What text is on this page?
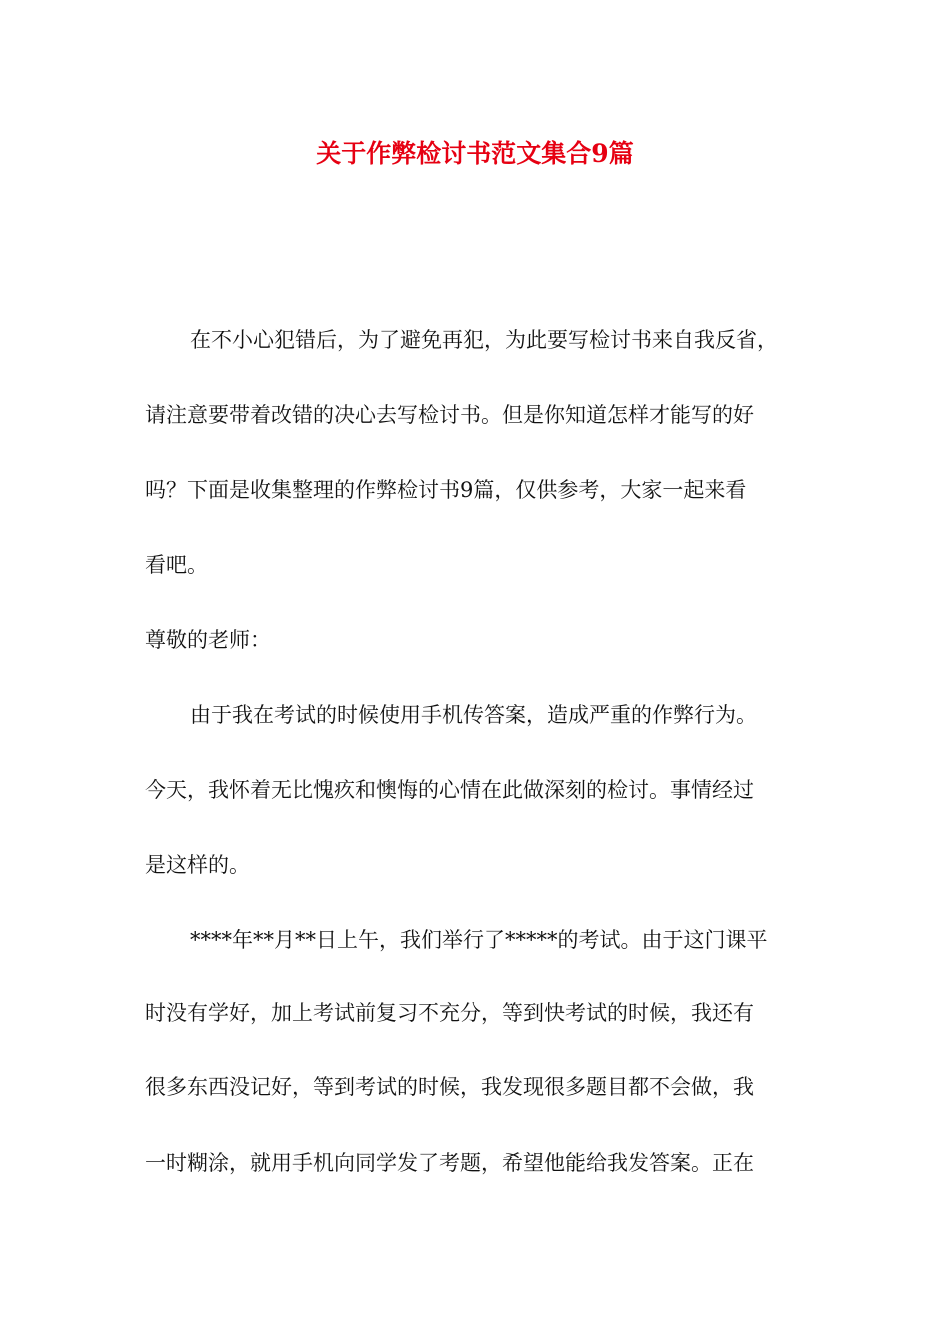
关于作弊检讨书范文集合9篇

在不小心犯错后，为了避免再犯，为此要写检讨书来自我反省，

请注意要带着改错的决心去写检讨书。但是你知道怎样才能写的好

吗？下面是收集整理的作弊检讨书9篇，仅供参考，大家一起来看

看吧。

尊敬的老师：

由于我在考试的时候使用手机传答案，造成严重的作弊行为。

今天，我怀着无比愧疚和懊悔的心情在此做深刻的检讨。事情经过

是这样的。

****年**月**日上午，我们举行了*****的考试。由于这门课平

时没有学好，加上考试前复习不充分，等到快考试的时候，我还有

很多东西没记好，等到考试的时候，我发现很多题目都不会做，我

一时糊涂，就用手机向同学发了考题，希望他能给我发答案。正在
